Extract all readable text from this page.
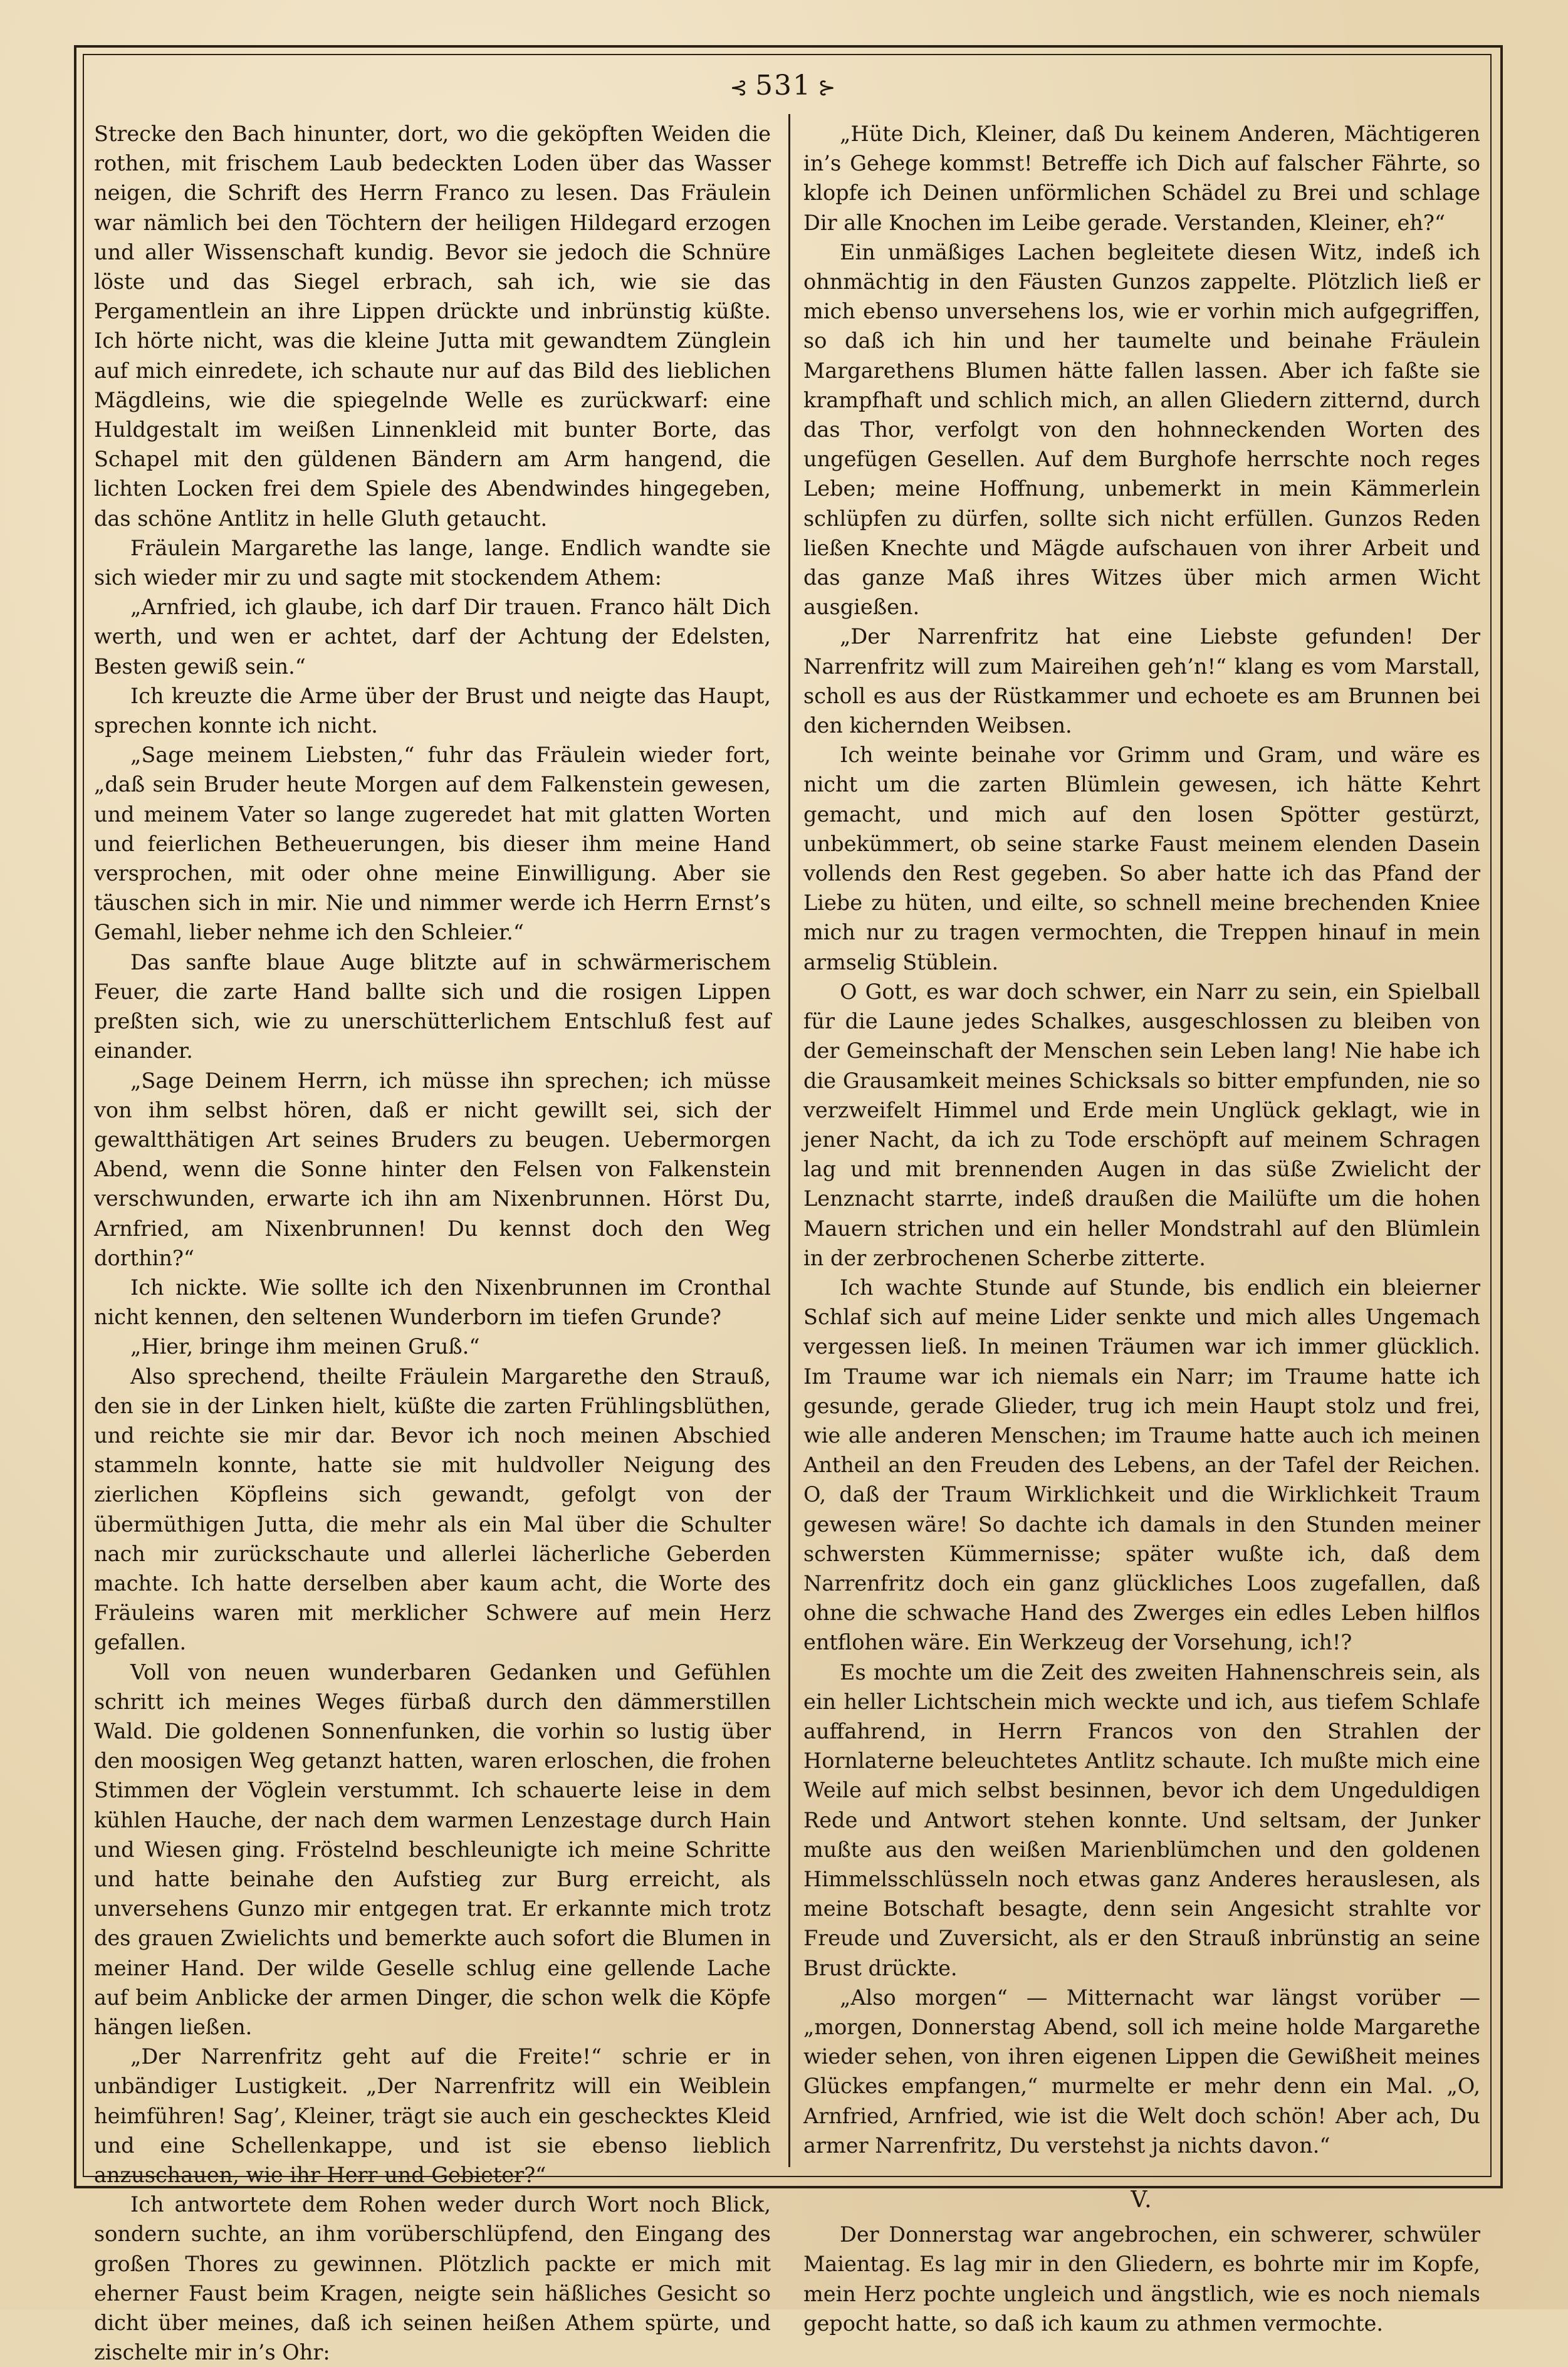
⊰ 531 ⊱

Strecke den Bach hinunter, dort, wo die geköpften Weiden die rothen, mit frischem Laub bedeckten Loden über das Wasser neigen, die Schrift des Herrn Franco zu lesen. Das Fräulein war nämlich bei den Töchtern der heiligen Hildegard erzogen und aller Wissenschaft kundig. Bevor sie jedoch die Schnüre löste und das Siegel erbrach, sah ich, wie sie das Pergamentlein an ihre Lippen drückte und inbrünstig küßte. Ich hörte nicht, was die kleine Jutta mit gewandtem Zünglein auf mich einredete, ich schaute nur auf das Bild des lieblichen Mägdleins, wie die spiegelnde Welle es zurückwarf: eine Huldgestalt im weißen Linnenkleid mit bunter Borte, das Schapel mit den güldenen Bändern am Arm hangend, die lichten Locken frei dem Spiele des Abendwindes hingegeben, das schöne Antlitz in helle Gluth getaucht.

Fräulein Margarethe las lange, lange. Endlich wandte sie sich wieder mir zu und sagte mit stockendem Athem:

„Arnfried, ich glaube, ich darf Dir trauen. Franco hält Dich werth, und wen er achtet, darf der Achtung der Edelsten, Besten gewiß sein.“

Ich kreuzte die Arme über der Brust und neigte das Haupt, sprechen konnte ich nicht.

„Sage meinem Liebsten,“ fuhr das Fräulein wieder fort, „daß sein Bruder heute Morgen auf dem Falkenstein gewesen, und meinem Vater so lange zugeredet hat mit glatten Worten und feierlichen Betheuerungen, bis dieser ihm meine Hand versprochen, mit oder ohne meine Einwilligung. Aber sie täuschen sich in mir. Nie und nimmer werde ich Herrn Ernst’s Gemahl, lieber nehme ich den Schleier.“

Das sanfte blaue Auge blitzte auf in schwärmerischem Feuer, die zarte Hand ballte sich und die rosigen Lippen preßten sich, wie zu unerschütterlichem Entschluß fest auf einander.

„Sage Deinem Herrn, ich müsse ihn sprechen; ich müsse von ihm selbst hören, daß er nicht gewillt sei, sich der gewaltthätigen Art seines Bruders zu beugen. Uebermorgen Abend, wenn die Sonne hinter den Felsen von Falkenstein verschwunden, erwarte ich ihn am Nixenbrunnen. Hörst Du, Arnfried, am Nixenbrunnen! Du kennst doch den Weg dorthin?“

Ich nickte. Wie sollte ich den Nixenbrunnen im Cronthal nicht kennen, den seltenen Wunderborn im tiefen Grunde?

„Hier, bringe ihm meinen Gruß.“

Also sprechend, theilte Fräulein Margarethe den Strauß, den sie in der Linken hielt, küßte die zarten Frühlingsblüthen, und reichte sie mir dar. Bevor ich noch meinen Abschied stammeln konnte, hatte sie mit huldvoller Neigung des zierlichen Köpfleins sich gewandt, gefolgt von der übermüthigen Jutta, die mehr als ein Mal über die Schulter nach mir zurückschaute und allerlei lächerliche Geberden machte. Ich hatte derselben aber kaum acht, die Worte des Fräuleins waren mit merklicher Schwere auf mein Herz gefallen.

Voll von neuen wunderbaren Gedanken und Gefühlen schritt ich meines Weges fürbaß durch den dämmerstillen Wald. Die goldenen Sonnenfunken, die vorhin so lustig über den moosigen Weg getanzt hatten, waren erloschen, die frohen Stimmen der Vöglein verstummt. Ich schauerte leise in dem kühlen Hauche, der nach dem warmen Lenzestage durch Hain und Wiesen ging. Fröstelnd beschleunigte ich meine Schritte und hatte beinahe den Aufstieg zur Burg erreicht, als unversehens Gunzo mir entgegen trat. Er erkannte mich trotz des grauen Zwielichts und bemerkte auch sofort die Blumen in meiner Hand. Der wilde Geselle schlug eine gellende Lache auf beim Anblicke der armen Dinger, die schon welk die Köpfe hängen ließen.

„Der Narrenfritz geht auf die Freite!“ schrie er in unbändiger Lustigkeit. „Der Narrenfritz will ein Weiblein heimführen! Sag’, Kleiner, trägt sie auch ein geschecktes Kleid und eine Schellenkappe, und ist sie ebenso lieblich anzuschauen, wie ihr Herr und Gebieter?“

Ich antwortete dem Rohen weder durch Wort noch Blick, sondern suchte, an ihm vorüberschlüpfend, den Eingang des großen Thores zu gewinnen. Plötzlich packte er mich mit eherner Faust beim Kragen, neigte sein häßliches Gesicht so dicht über meines, daß ich seinen heißen Athem spürte, und zischelte mir in’s Ohr:

„Hüte Dich, Kleiner, daß Du keinem Anderen, Mächtigeren in’s Gehege kommst! Betreffe ich Dich auf falscher Fährte, so klopfe ich Deinen unförmlichen Schädel zu Brei und schlage Dir alle Knochen im Leibe gerade. Verstanden, Kleiner, eh?“

Ein unmäßiges Lachen begleitete diesen Witz, indeß ich ohnmächtig in den Fäusten Gunzos zappelte. Plötzlich ließ er mich ebenso unversehens los, wie er vorhin mich aufgegriffen, so daß ich hin und her taumelte und beinahe Fräulein Margarethens Blumen hätte fallen lassen. Aber ich faßte sie krampfhaft und schlich mich, an allen Gliedern zitternd, durch das Thor, verfolgt von den hohnneckenden Worten des ungefügen Gesellen. Auf dem Burghofe herrschte noch reges Leben; meine Hoffnung, unbemerkt in mein Kämmerlein schlüpfen zu dürfen, sollte sich nicht erfüllen. Gunzos Reden ließen Knechte und Mägde aufschauen von ihrer Arbeit und das ganze Maß ihres Witzes über mich armen Wicht ausgießen.

„Der Narrenfritz hat eine Liebste gefunden! Der Narrenfritz will zum Maireihen geh’n!“ klang es vom Marstall, scholl es aus der Rüstkammer und echoete es am Brunnen bei den kichernden Weibsen.

Ich weinte beinahe vor Grimm und Gram, und wäre es nicht um die zarten Blümlein gewesen, ich hätte Kehrt gemacht, und mich auf den losen Spötter gestürzt, unbekümmert, ob seine starke Faust meinem elenden Dasein vollends den Rest gegeben. So aber hatte ich das Pfand der Liebe zu hüten, und eilte, so schnell meine brechenden Kniee mich nur zu tragen vermochten, die Treppen hinauf in mein armselig Stüblein.

O Gott, es war doch schwer, ein Narr zu sein, ein Spielball für die Laune jedes Schalkes, ausgeschlossen zu bleiben von der Gemeinschaft der Menschen sein Leben lang! Nie habe ich die Grausamkeit meines Schicksals so bitter empfunden, nie so verzweifelt Himmel und Erde mein Unglück geklagt, wie in jener Nacht, da ich zu Tode erschöpft auf meinem Schragen lag und mit brennenden Augen in das süße Zwielicht der Lenznacht starrte, indeß draußen die Mailüfte um die hohen Mauern strichen und ein heller Mondstrahl auf den Blümlein in der zerbrochenen Scherbe zitterte.

Ich wachte Stunde auf Stunde, bis endlich ein bleierner Schlaf sich auf meine Lider senkte und mich alles Ungemach vergessen ließ. In meinen Träumen war ich immer glücklich. Im Traume war ich niemals ein Narr; im Traume hatte ich gesunde, gerade Glieder, trug ich mein Haupt stolz und frei, wie alle anderen Menschen; im Traume hatte auch ich meinen Antheil an den Freuden des Lebens, an der Tafel der Reichen. O, daß der Traum Wirklichkeit und die Wirklichkeit Traum gewesen wäre! So dachte ich damals in den Stunden meiner schwersten Kümmernisse; später wußte ich, daß dem Narrenfritz doch ein ganz glückliches Loos zugefallen, daß ohne die schwache Hand des Zwerges ein edles Leben hilflos entflohen wäre. Ein Werkzeug der Vorsehung, ich!?

Es mochte um die Zeit des zweiten Hahnenschreis sein, als ein heller Lichtschein mich weckte und ich, aus tiefem Schlafe auffahrend, in Herrn Francos von den Strahlen der Hornlaterne beleuchtetes Antlitz schaute. Ich mußte mich eine Weile auf mich selbst besinnen, bevor ich dem Ungeduldigen Rede und Antwort stehen konnte. Und seltsam, der Junker mußte aus den weißen Marienblümchen und den goldenen Himmelsschlüsseln noch etwas ganz Anderes herauslesen, als meine Botschaft besagte, denn sein Angesicht strahlte vor Freude und Zuversicht, als er den Strauß inbrünstig an seine Brust drückte.

„Also morgen“ — Mitternacht war längst vorüber — „morgen, Donnerstag Abend, soll ich meine holde Margarethe wieder sehen, von ihren eigenen Lippen die Gewißheit meines Glückes empfangen,“ murmelte er mehr denn ein Mal. „O, Arnfried, Arnfried, wie ist die Welt doch schön! Aber ach, Du armer Narrenfritz, Du verstehst ja nichts davon.“

V.

Der Donnerstag war angebrochen, ein schwerer, schwüler Maientag. Es lag mir in den Gliedern, es bohrte mir im Kopfe, mein Herz pochte ungleich und ängstlich, wie es noch niemals gepocht hatte, so daß ich kaum zu athmen vermochte.
